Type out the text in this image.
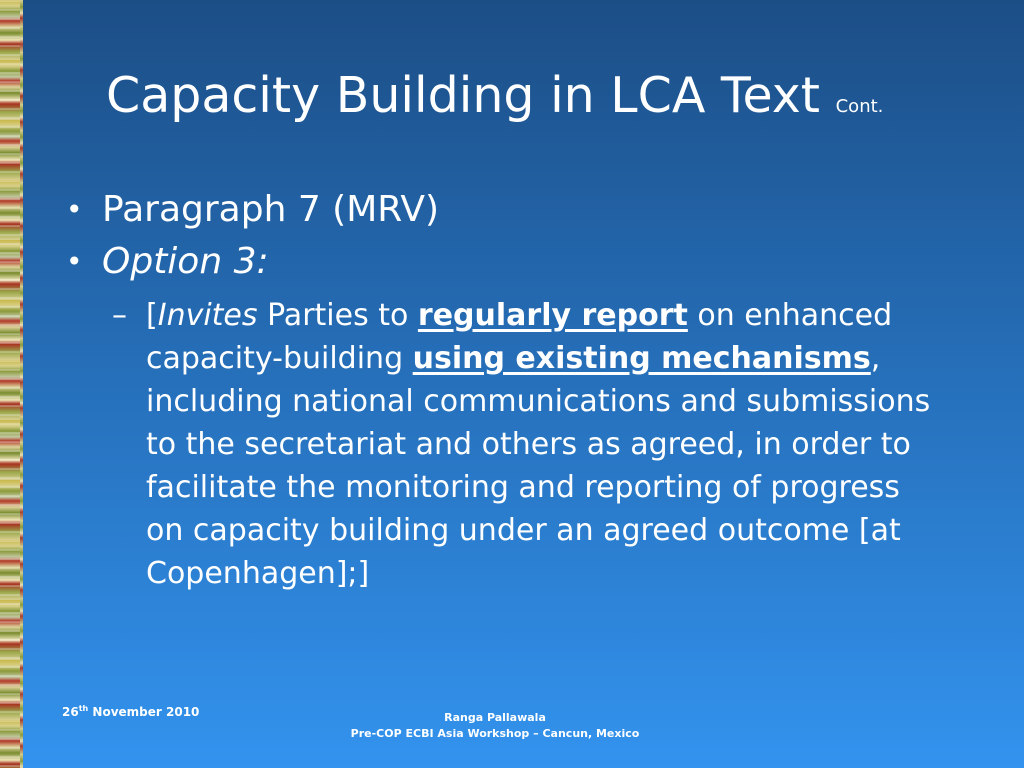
Capacity Building in LCA Text Cont.
• Paragraph 7 (MRV)
• Option 3:
– [Invites Parties to regularly report on enhanced capacity-building using existing mechanisms, including national communications and submissions to the secretariat and others as agreed, in order to facilitate the monitoring and reporting of progress on capacity building under an agreed outcome [at Copenhagen];]
26th November 2010	Ranga Pallawala
Pre-COP ECBI Asia Workshop – Cancun, Mexico
